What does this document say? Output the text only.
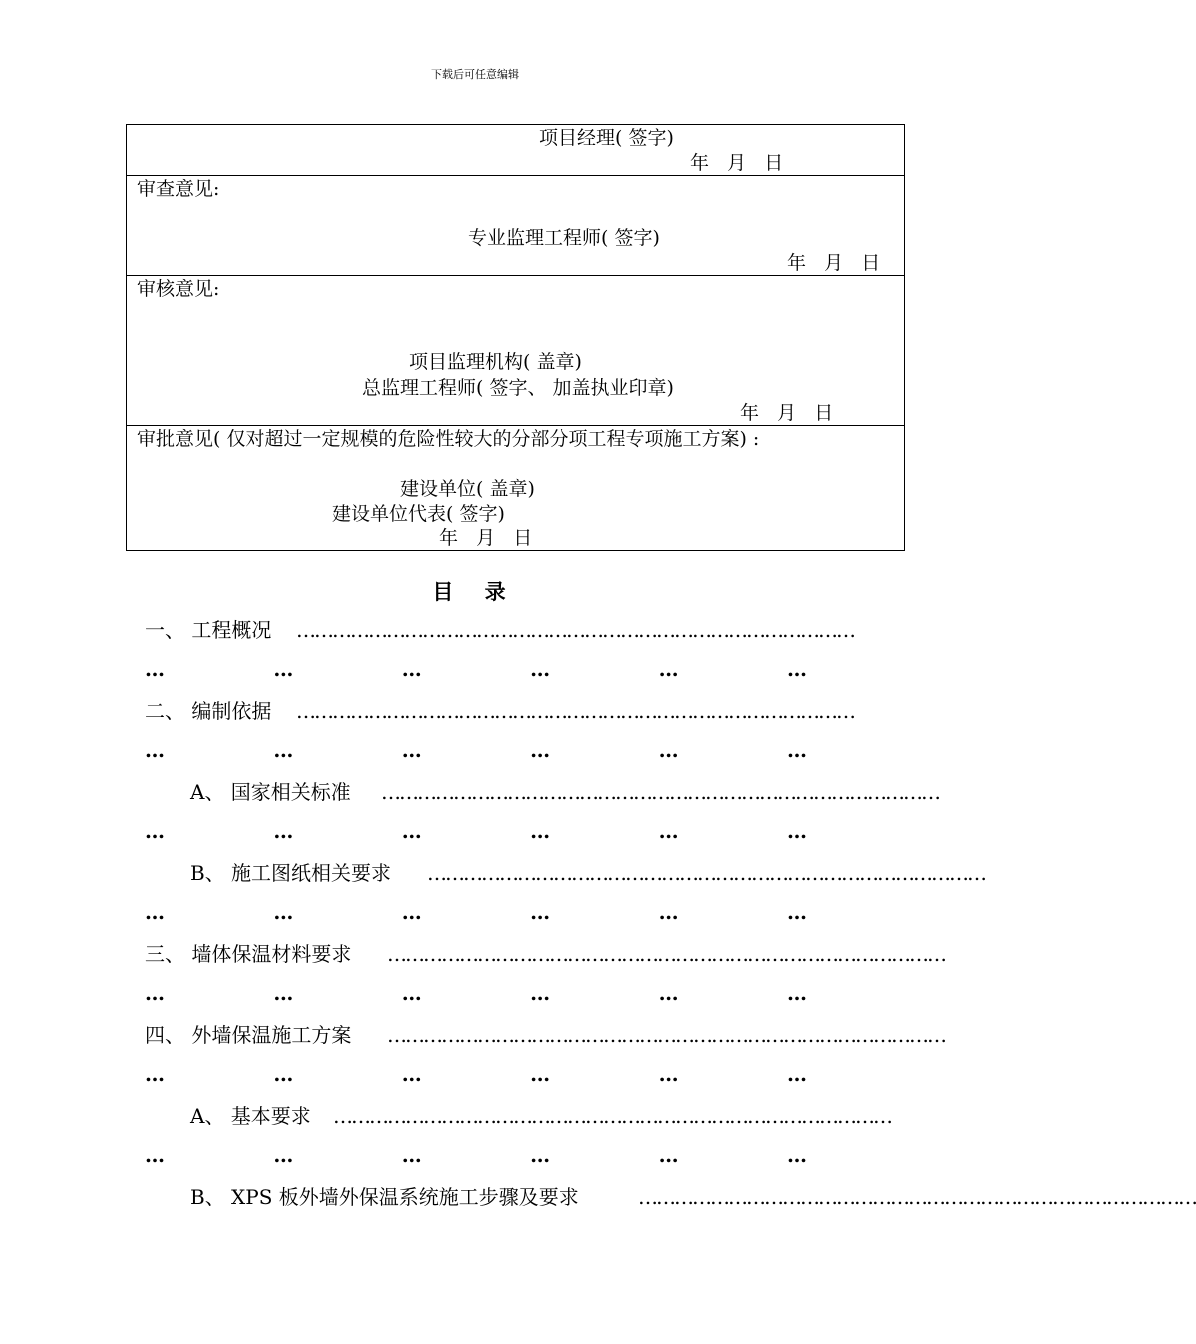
下载后可任意编辑
项目经理( 签字)
年   月   日
审查意见:
专业监理工程师( 签字)
年   月   日
审核意见:
项目监理机构( 盖章)
总监理工程师( 签字、 加盖执业印章)
年   月   日
审批意见( 仅对超过一定规模的危险性较大的分部分项工程专项施工方案) :
建设单位( 盖章)
建设单位代表( 签字)
年   月   日
目 录
一、 工程概况 …………………………………………………………………………………
…	…	…	…	…	…
二、 编制依据 …………………………………………………………………………………
…	…	…	…	…	…
A、 国家相关标准 …………………………………………………………………………………
…	…	…	…	…	…
B、 施工图纸相关要求 …………………………………………………………………………………
…	…	…	…	…	…
三、 墙体保温材料要求 …………………………………………………………………………………
…	…	…	…	…	…
四、 外墙保温施工方案 …………………………………………………………………………………
…	…	…	…	…	…
A、 基本要求 …………………………………………………………………………………
…	…	…	…	…	…
B、 XPS 板外墙外保温系统施工步骤及要求	…………………………………………………………………………………
